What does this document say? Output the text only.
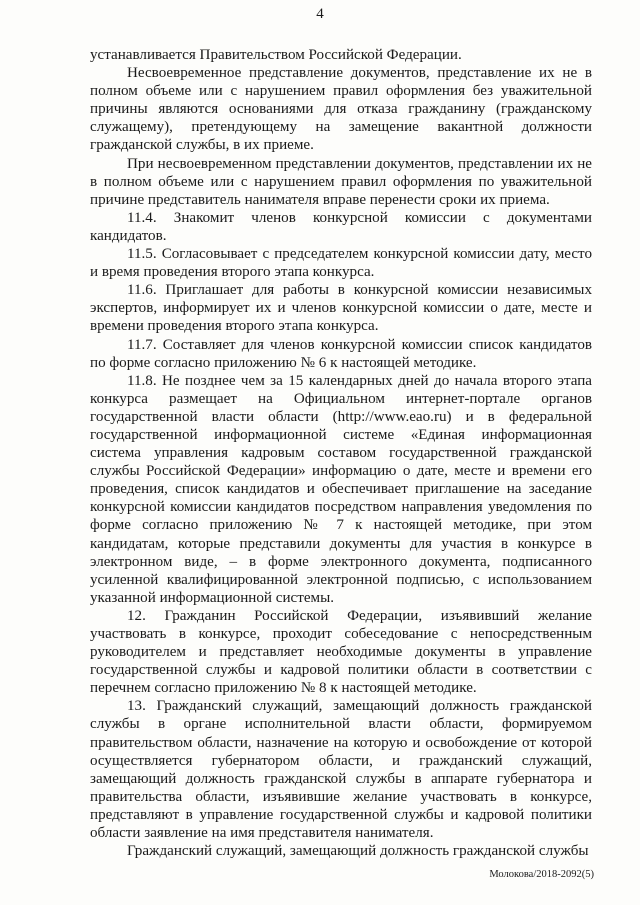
4

устанавливается Правительством Российской Федерации.

Несвоевременное представление документов, представление их не в полном объеме или с нарушением правил оформления без уважительной причины являются основаниями для отказа гражданину (гражданскому служащему), претендующему на замещение вакантной должности гражданской службы, в их приеме.

При несвоевременном представлении документов, представлении их не в полном объеме или с нарушением правил оформления по уважительной причине представитель нанимателя вправе перенести сроки их приема.

11.4. Знакомит членов конкурсной комиссии с документами кандидатов.

11.5. Согласовывает с председателем конкурсной комиссии дату, место и время проведения второго этапа конкурса.

11.6. Приглашает для работы в конкурсной комиссии независимых экспертов, информирует их и членов конкурсной комиссии о дате, месте и времени проведения второго этапа конкурса.

11.7. Составляет для членов конкурсной комиссии список кандидатов по форме согласно приложению № 6 к настоящей методике.

11.8. Не позднее чем за 15 календарных дней до начала второго этапа конкурса размещает на Официальном интернет-портале органов государственной власти области (http://www.eao.ru) и в федеральной государственной информационной системе «Единая информационная система управления кадровым составом государственной гражданской службы Российской Федерации» информацию о дате, месте и времени его проведения, список кандидатов и обеспечивает приглашение на заседание конкурсной комиссии кандидатов посредством направления уведомления по форме согласно приложению № 7 к настоящей методике, при этом кандидатам, которые представили документы для участия в конкурсе в электронном виде, – в форме электронного документа, подписанного усиленной квалифицированной электронной подписью, с использованием указанной информационной системы.

12. Гражданин Российской Федерации, изъявивший желание участвовать в конкурсе, проходит собеседование с непосредственным руководителем и представляет необходимые документы в управление государственной службы и кадровой политики области в соответствии с перечнем согласно приложению № 8 к настоящей методике.

13. Гражданский служащий, замещающий должность гражданской службы в органе исполнительной власти области, формируемом правительством области, назначение на которую и освобождение от которой осуществляется губернатором области, и гражданский служащий, замещающий должность гражданской службы в аппарате губернатора и правительства области, изъявившие желание участвовать в конкурсе, представляют в управление государственной службы и кадровой политики области заявление на имя представителя нанимателя.

Гражданский служащий, замещающий должность гражданской службы

Молокова/2018-2092(5)
